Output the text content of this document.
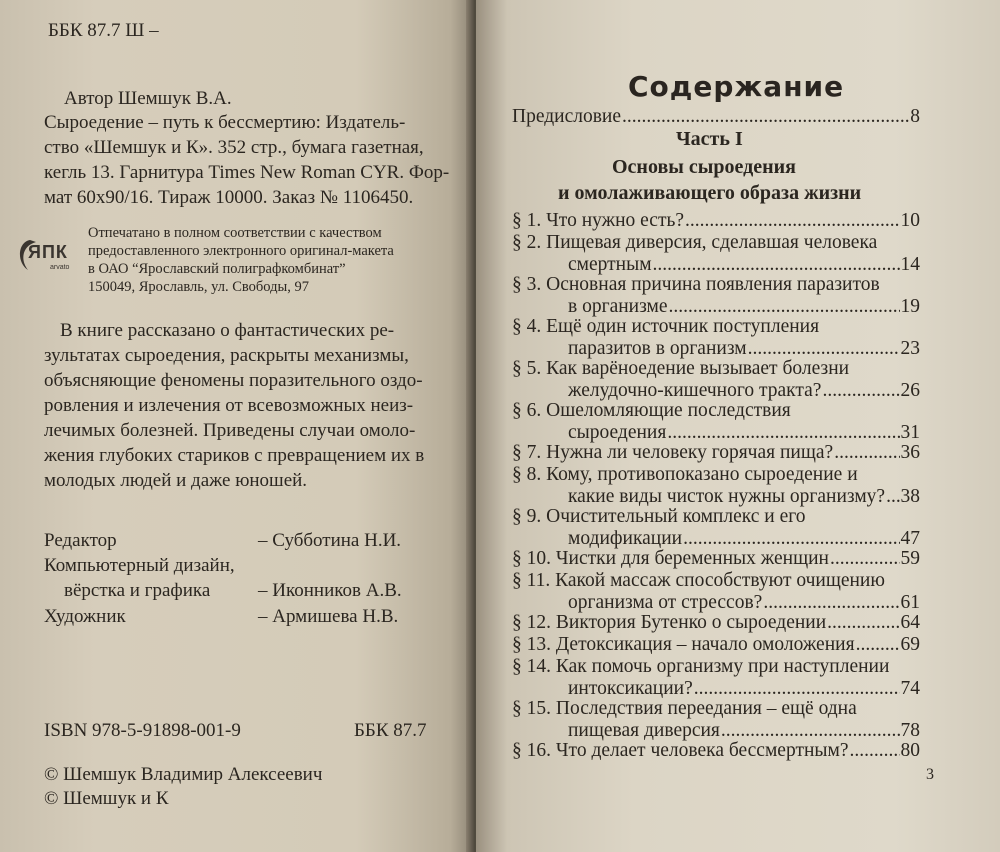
ББК 87.7 Ш –
Автор Шемшук В.А.
Сыроедение – путь к бессмертию: Издатель-
ство «Шемшук и К». 352 стр., бумага газетная,
кегль 13. Гарнитура Times New Roman CYR. Фор-
мат 60x90/16. Тираж 10000. Заказ № 1106450.
ЯПК
arvato
Отпечатано в полном соответствии с качеством
предоставленного электронного оригинал-макета
в ОАО “Ярославский полиграфкомбинат”
150049, Ярославль, ул. Свободы, 97
В книге рассказано о фантастических ре-
зультатах сыроедения, раскрыты механизмы,
объясняющие феномены поразительного оздо-
ровления и излечения от всевозможных неиз-
лечимых болезней. Приведены случаи омоло-
жения глубоких стариков с превращением их в
молодых людей и даже юношей.
Редактор	– Субботина Н.И.
Компьютерный дизайн,
вёрстка и графика	– Иконников А.В.
Художник	– Армишева Н.В.
ISBN 978-5-91898-001-9	ББК 87.7
© Шемшук Владимир Алексеевич
© Шемшук и К
Содержание
Предисловие .....	8
Часть I
Основы сыроедения
и омолаживающего образа жизни
§ 1. Что нужно есть? .....	10
§ 2. Пищевая диверсия, сделавшая человека
смертным .....	14
§ 3. Основная причина появления паразитов
в организме .....	19
§ 4. Ещё один источник поступления
паразитов в организм .....	23
§ 5. Как варёноедение вызывает болезни
желудочно-кишечного тракта? .....	26
§ 6. Ошеломляющие последствия
сыроедения .....	31
§ 7. Нужна ли человеку горячая пища? .....	36
§ 8. Кому, противопоказано сыроедение и
какие виды чисток нужны организму? ..... 38
§ 9. Очистительный комплекс и его
модификации .....	47
§ 10. Чистки для беременных женщин .....	59
§ 11. Какой массаж способствуют очищению
организма от стрессов? .....	61
§ 12. Виктория Бутенко о сыроедении .....	64
§ 13. Детоксикация – начало омоложения ..... 69
§ 14. Как помочь организму при наступлении
интоксикации? .....	74
§ 15. Последствия переедания – ещё одна
пищевая диверсия .....	78
§ 16. Что делает человека бессмертным? .....	80
3
